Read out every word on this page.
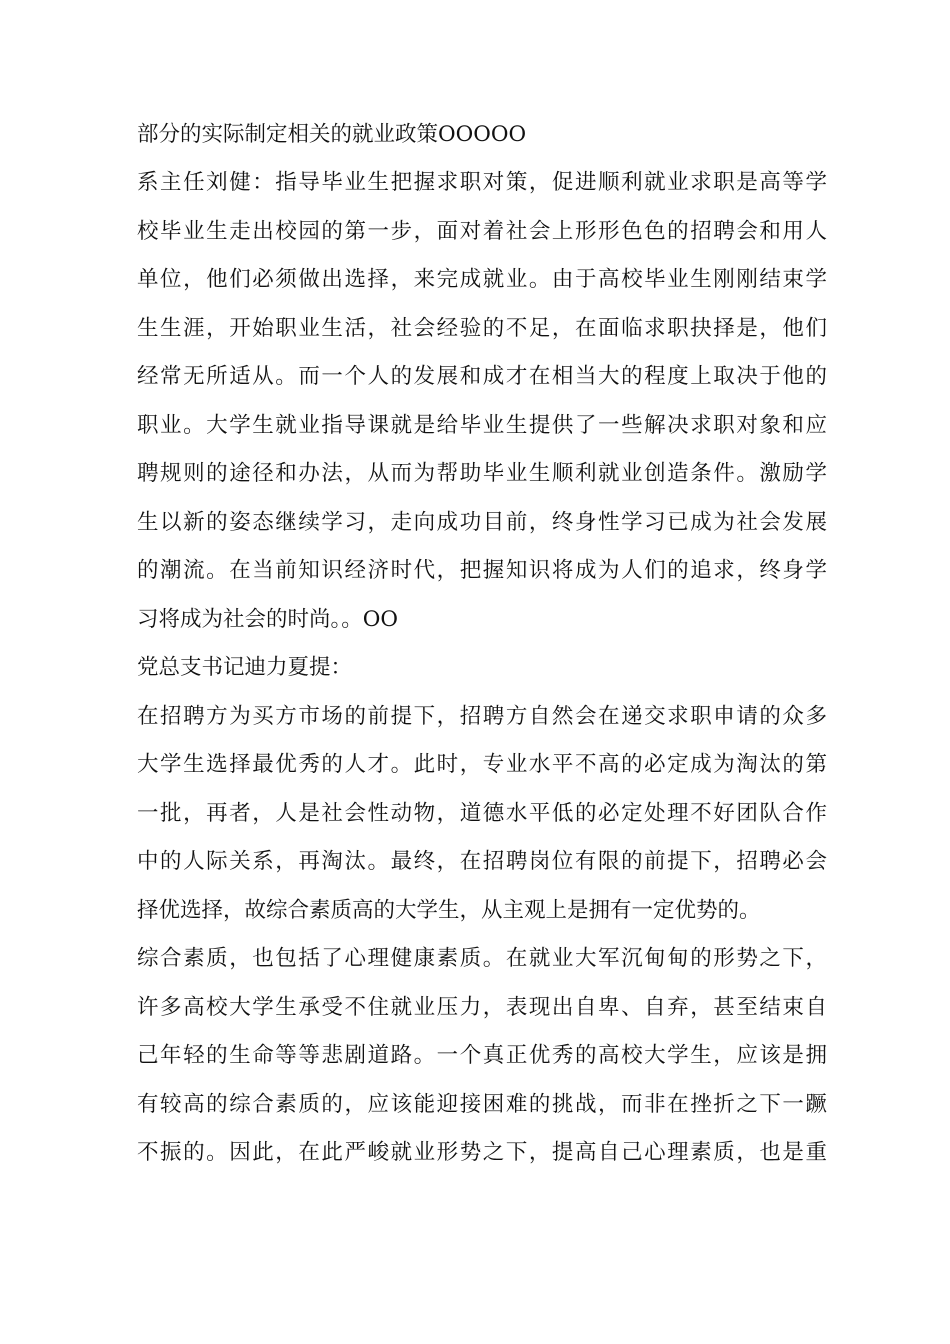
部分的实际制定相关的就业政策OOOOO
系主任刘健：指导毕业生把握求职对策，促进顺利就业求职是高等学
校毕业生走出校园的第一步，面对着社会上形形色色的招聘会和用人
单位，他们必须做出选择，来完成就业。由于高校毕业生刚刚结束学
生生涯，开始职业生活，社会经验的不足，在面临求职抉择是，他们
经常无所适从。而一个人的发展和成才在相当大的程度上取决于他的
职业。大学生就业指导课就是给毕业生提供了一些解决求职对象和应
聘规则的途径和办法，从而为帮助毕业生顺利就业创造条件。激励学
生以新的姿态继续学习，走向成功目前，终身性学习已成为社会发展
的潮流。在当前知识经济时代，把握知识将成为人们的追求，终身学
习将成为社会的时尚。。OO
党总支书记迪力夏提：
在招聘方为买方市场的前提下，招聘方自然会在递交求职申请的众多
大学生选择最优秀的人才。此时，专业水平不高的必定成为淘汰的第
一批，再者，人是社会性动物，道德水平低的必定处理不好团队合作
中的人际关系，再淘汰。最终，在招聘岗位有限的前提下，招聘必会
择优选择，故综合素质高的大学生，从主观上是拥有一定优势的。
综合素质，也包括了心理健康素质。在就业大军沉甸甸的形势之下，
许多高校大学生承受不住就业压力，表现出自卑、自弃，甚至结束自
己年轻的生命等等悲剧道路。一个真正优秀的高校大学生，应该是拥
有较高的综合素质的，应该能迎接困难的挑战，而非在挫折之下一蹶
不振的。因此，在此严峻就业形势之下，提高自己心理素质，也是重
